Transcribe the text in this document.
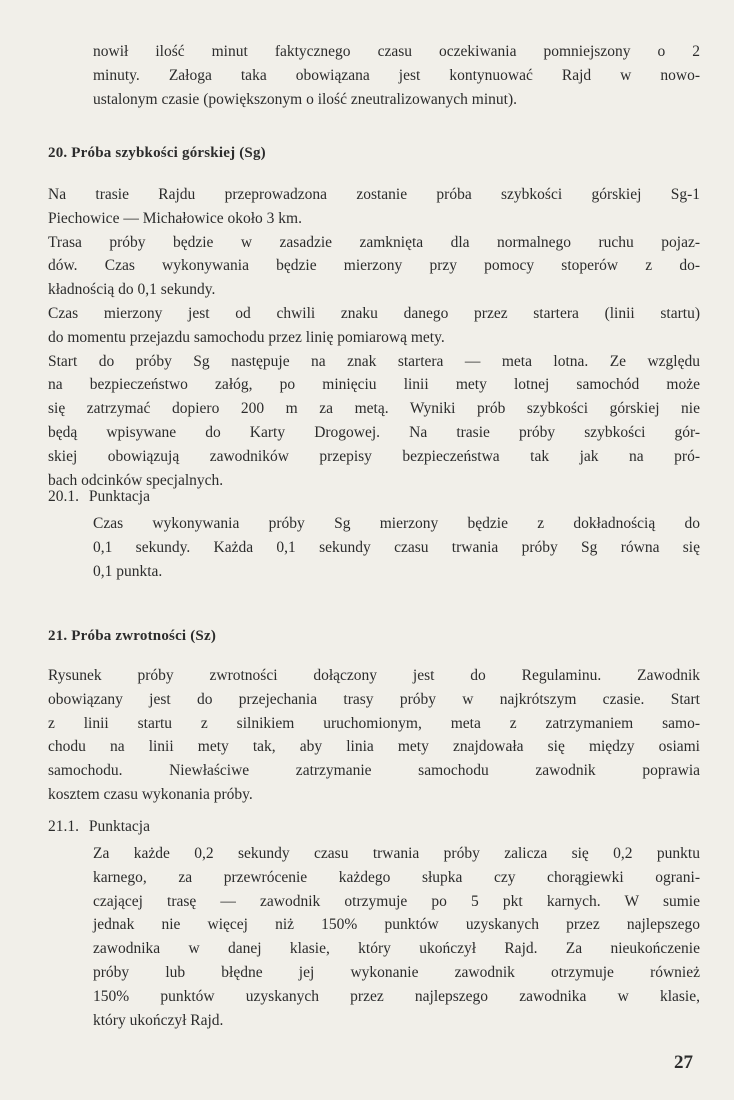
nowił ilość minut faktycznego czasu oczekiwania pomniejszony o 2

minuty. Załoga taka obowiązana jest kontynuować Rajd w nowo-

ustalonym czasie (powiększonym o ilość zneutralizowanych minut).

20. Próba szybkości górskiej (Sg)

Na trasie Rajdu przeprowadzona zostanie próba szybkości górskiej Sg-1

Piechowice — Michałowice około 3 km.

Trasa próby będzie w zasadzie zamknięta dla normalnego ruchu pojaz-

dów. Czas wykonywania będzie mierzony przy pomocy stoperów z do-

kładnością do 0,1 sekundy.

Czas mierzony jest od chwili znaku danego przez startera (linii startu)

do momentu przejazdu samochodu przez linię pomiarową mety.

Start do próby Sg następuje na znak startera — meta lotna. Ze względu

na bezpieczeństwo załóg, po minięciu linii mety lotnej samochód może

się zatrzymać dopiero 200 m za metą. Wyniki prób szybkości górskiej nie

będą wpisywane do Karty Drogowej. Na trasie próby szybkości gór-

skiej obowiązują zawodników przepisy bezpieczeństwa tak jak na pró-

bach odcinków specjalnych.

20.1. Punktacja

Czas wykonywania próby Sg mierzony będzie z dokładnością do

0,1 sekundy. Każda 0,1 sekundy czasu trwania próby Sg równa się

0,1 punkta.

21. Próba zwrotności (Sz)

Rysunek próby zwrotności dołączony jest do Regulaminu. Zawodnik

obowiązany jest do przejechania trasy próby w najkrótszym czasie. Start

z linii startu z silnikiem uruchomionym, meta z zatrzymaniem samo-

chodu na linii mety tak, aby linia mety znajdowała się między osiami

samochodu. Niewłaściwe zatrzymanie samochodu zawodnik poprawia

kosztem czasu wykonania próby.

21.1. Punktacja

Za każde 0,2 sekundy czasu trwania próby zalicza się 0,2 punktu

karnego, za przewrócenie każdego słupka czy chorągiewki ograni-

czającej trasę — zawodnik otrzymuje po 5 pkt karnych. W sumie

jednak nie więcej niż 150% punktów uzyskanych przez najlepszego

zawodnika w danej klasie, który ukończył Rajd. Za nieukończenie

próby lub błędne jej wykonanie zawodnik otrzymuje również

150% punktów uzyskanych przez najlepszego zawodnika w klasie,

który ukończył Rajd.

27
